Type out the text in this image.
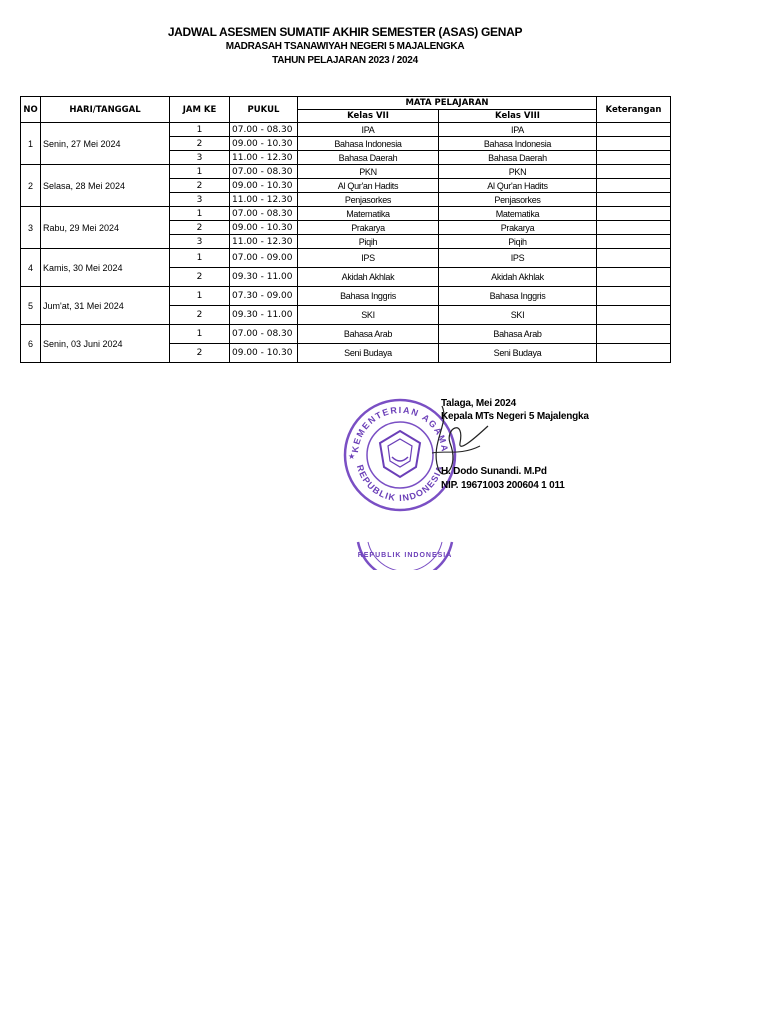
JADWAL ASESMEN SUMATIF AKHIR SEMESTER (ASAS) GENAP
MADRASAH TSANAWIYAH NEGERI 5 MAJALENGKA
TAHUN PELAJARAN 2023 / 2024
NO	HARI/TANGGAL	JAM KE	PUKUL	MATA PELAJARAN		Keterangan
				Kelas VII	Kelas VIII	
1	Senin, 27 Mei 2024	1	07.00 - 08.30	IPA	IPA	
		2	09.00 - 10.30	Bahasa Indonesia	Bahasa Indonesia	
		3	11.00 - 12.30	Bahasa Daerah	Bahasa Daerah	
2	Selasa, 28 Mei 2024	1	07.00 - 08.30	PKN	PKN	
		2	09.00 - 10.30	Al Qur'an Hadits	Al Qur'an Hadits	
		3	11.00 - 12.30	Penjasorkes	Penjasorkes	
3	Rabu, 29 Mei 2024	1	07.00 - 08.30	Matematika	Matematika	
		2	09.00 - 10.30	Prakarya	Prakarya	
		3	11.00 - 12.30	Piqih	Piqih	
4	Kamis, 30 Mei 2024	1	07.00 - 09.00	IPS	IPS	
		2	09.30 - 11.00	Akidah Akhlak	Akidah Akhlak	
5	Jum'at, 31 Mei 2024	1	07.30 - 09.00	Bahasa Inggris	Bahasa Inggris	
		2	09.30 - 11.00	SKI	SKI	
6	Senin, 03 Juni 2024	1	07.00 - 08.30	Bahasa Arab	Bahasa Arab	
		2	09.00 - 10.30	Seni Budaya	Seni Budaya	
KEMENTERIAN AGAMA
REPUBLIK INDONESIA
★
Talaga, Mei 2024
Kepala MTs Negeri 5 Majalengka
H. Dodo Sunandi. M.Pd
NIP. 19671003 200604 1 011
REPUBLIK INDONESIA
